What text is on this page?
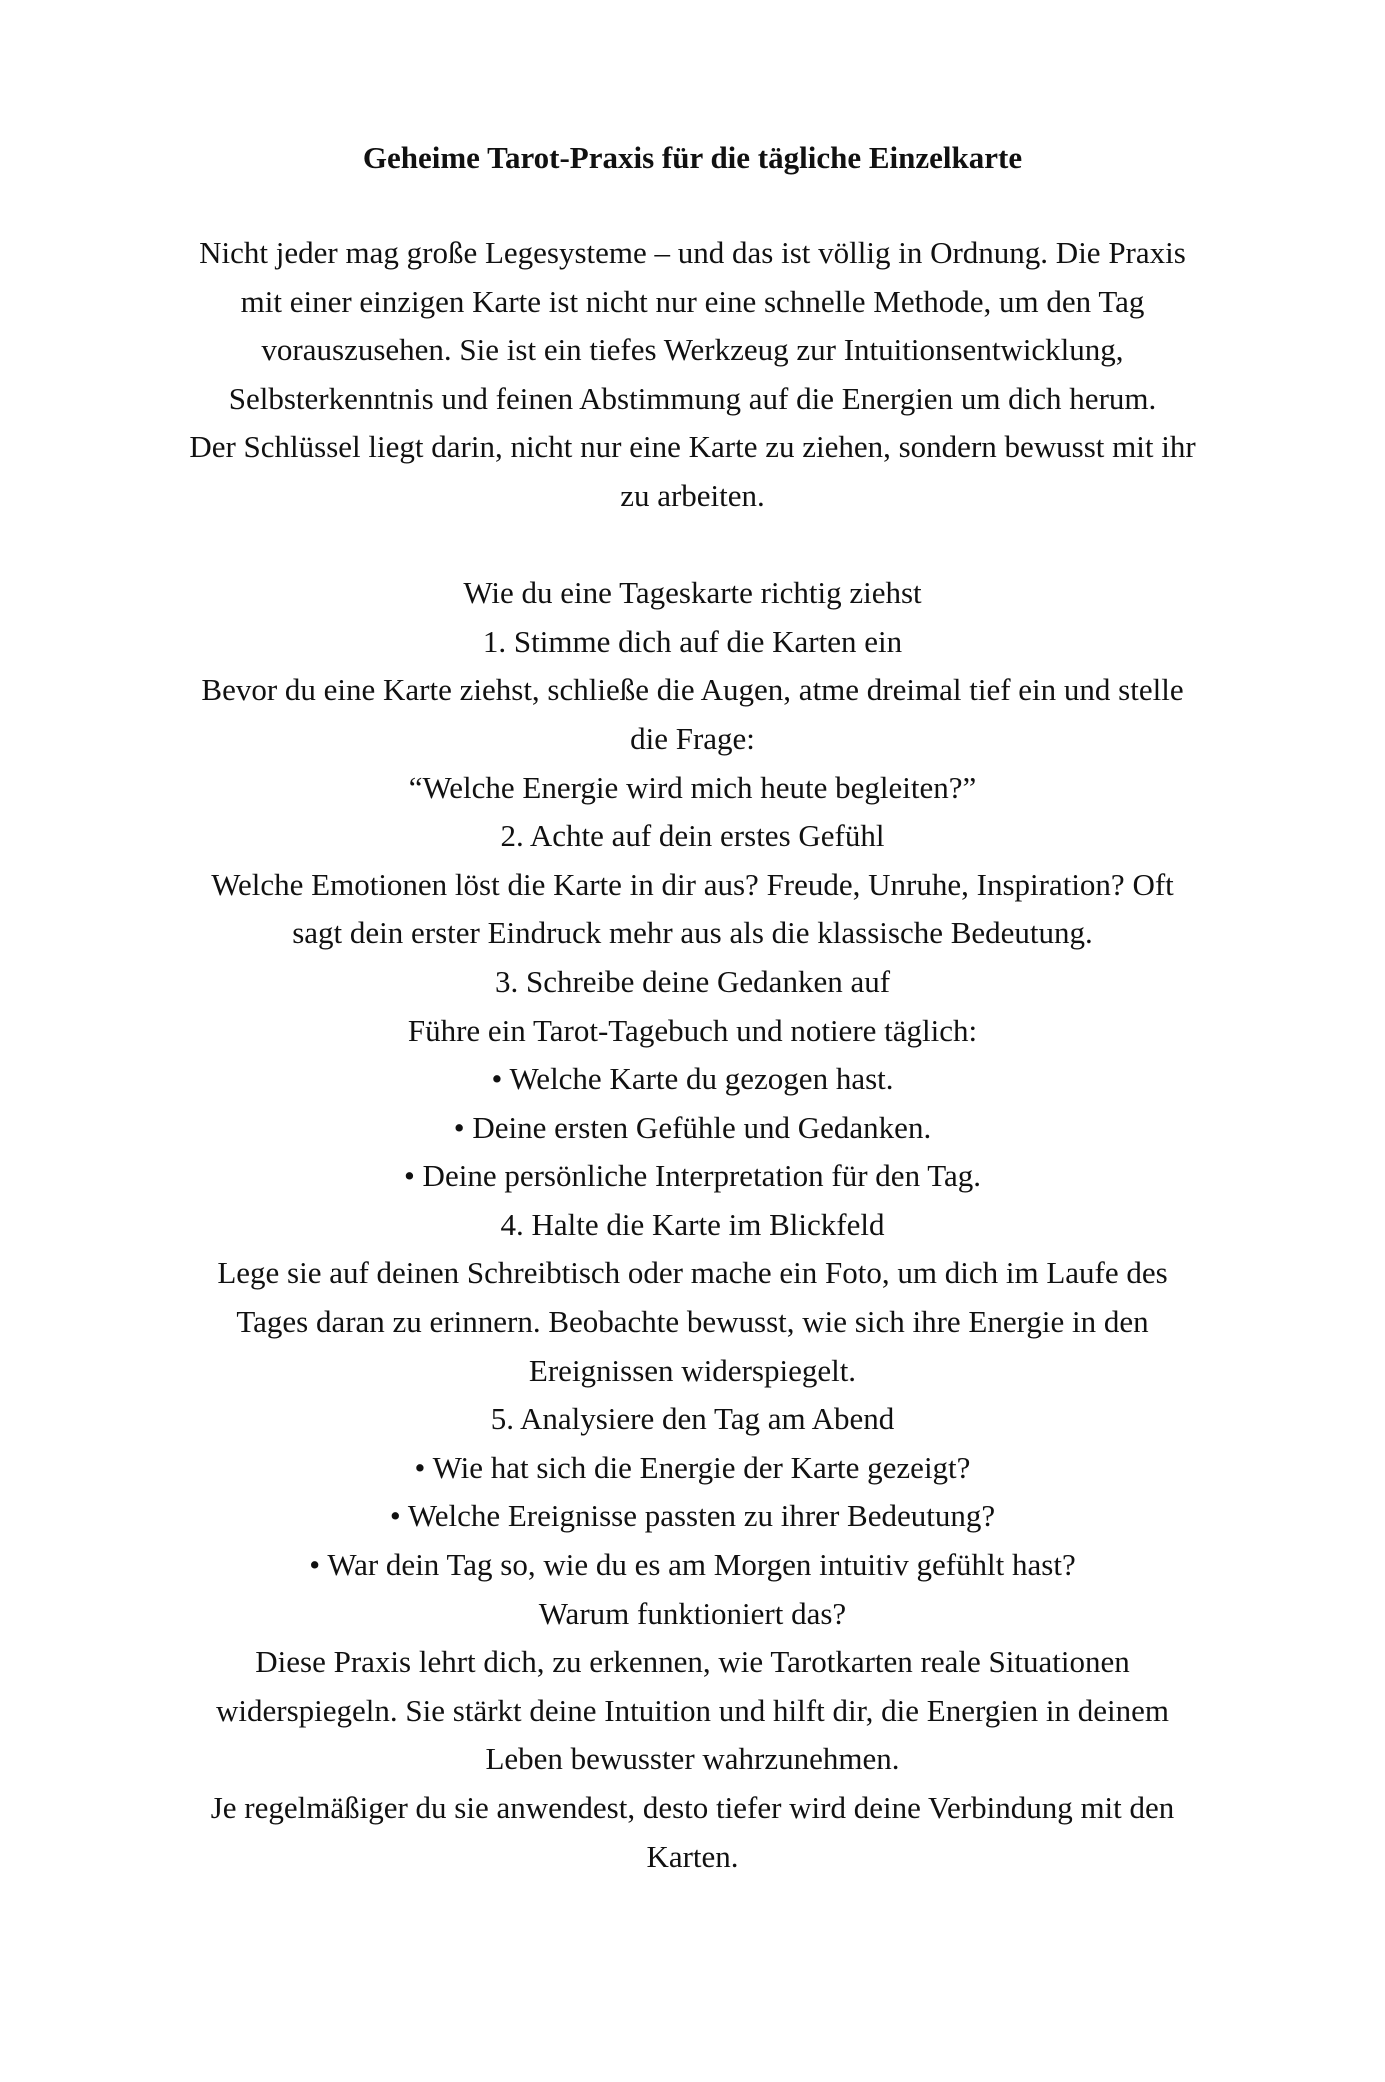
Geheime Tarot-Praxis für die tägliche Einzelkarte
Nicht jeder mag große Legesysteme – und das ist völlig in Ordnung. Die Praxis
mit einer einzigen Karte ist nicht nur eine schnelle Methode, um den Tag
vorauszusehen. Sie ist ein tiefes Werkzeug zur Intuitionsentwicklung,
Selbsterkenntnis und feinen Abstimmung auf die Energien um dich herum.
Der Schlüssel liegt darin, nicht nur eine Karte zu ziehen, sondern bewusst mit ihr
zu arbeiten.
Wie du eine Tageskarte richtig ziehst
1. Stimme dich auf die Karten ein
Bevor du eine Karte ziehst, schließe die Augen, atme dreimal tief ein und stelle
die Frage:
“Welche Energie wird mich heute begleiten?”
2. Achte auf dein erstes Gefühl
Welche Emotionen löst die Karte in dir aus? Freude, Unruhe, Inspiration? Oft
sagt dein erster Eindruck mehr aus als die klassische Bedeutung.
3. Schreibe deine Gedanken auf
Führe ein Tarot-Tagebuch und notiere täglich:
• Welche Karte du gezogen hast.
• Deine ersten Gefühle und Gedanken.
• Deine persönliche Interpretation für den Tag.
4. Halte die Karte im Blickfeld
Lege sie auf deinen Schreibtisch oder mache ein Foto, um dich im Laufe des
Tages daran zu erinnern. Beobachte bewusst, wie sich ihre Energie in den
Ereignissen widerspiegelt.
5. Analysiere den Tag am Abend
• Wie hat sich die Energie der Karte gezeigt?
• Welche Ereignisse passten zu ihrer Bedeutung?
• War dein Tag so, wie du es am Morgen intuitiv gefühlt hast?
Warum funktioniert das?
Diese Praxis lehrt dich, zu erkennen, wie Tarotkarten reale Situationen
widerspiegeln. Sie stärkt deine Intuition und hilft dir, die Energien in deinem
Leben bewusster wahrzunehmen.
Je regelmäßiger du sie anwendest, desto tiefer wird deine Verbindung mit den
Karten.
